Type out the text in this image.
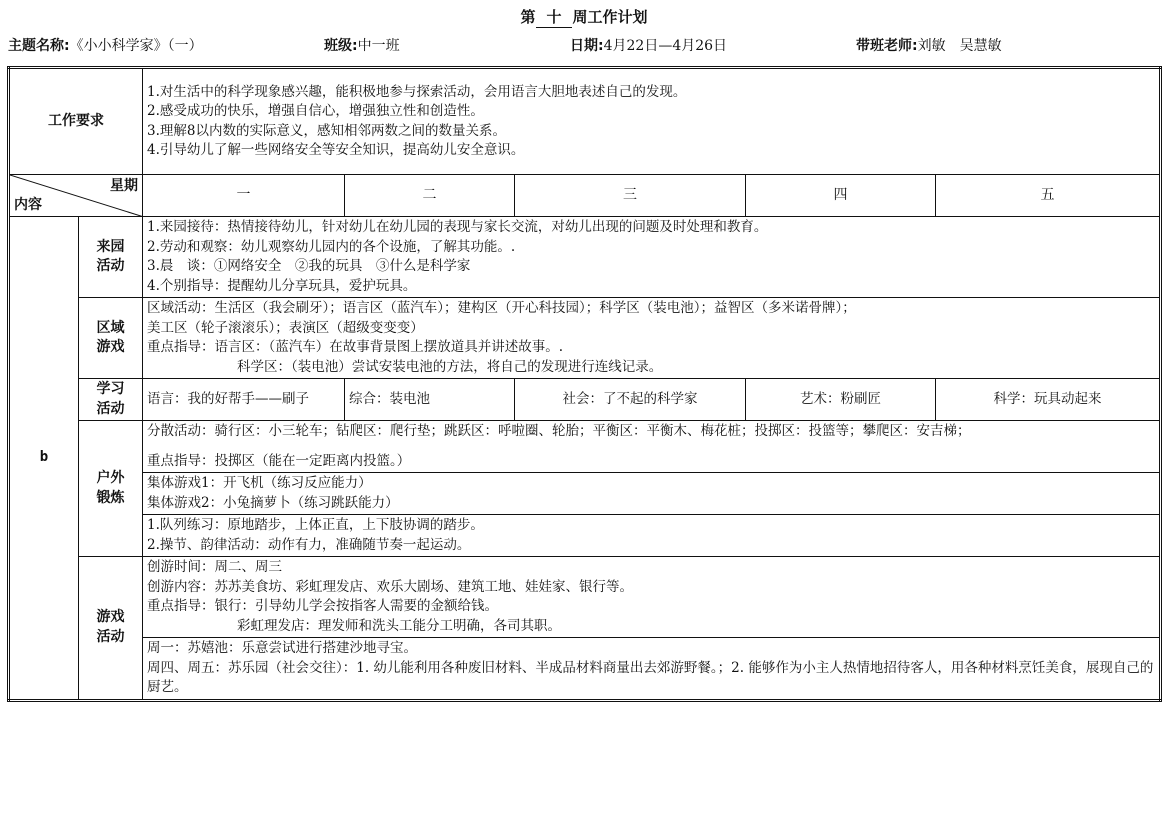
第 十 周工作计划
主题名称:《小小科学家》（一）	班级:中一班	日期:4月22日—4月26日	带班老师:刘敏　吴慧敏
工作要求		1.对生活中的科学现象感兴趣，能积极地参与探索活动，会用语言大胆地表述自己的发现。
2.感受成功的快乐，增强自信心，增强独立性和创造性。
3.理解8以内数的实际意义，感知相邻两数之间的数量关系。
4.引导幼儿了解一些网络安全等安全知识，提高幼儿安全意识。				

星期
内容		一	二	三	四	五
b	来园
活动	1.来园接待：热情接待幼儿，针对幼儿在幼儿园的表现与家长交流，对幼儿出现的问题及时处理和教育。
2.劳动和观察：幼儿观察幼儿园内的各个设施，了解其功能。.
3.晨　谈：①网络安全　②我的玩具　③什么是科学家
4.个别指导：提醒幼儿分享玩具，爱护玩具。				

	区域
游戏	区域活动：生活区（我会刷牙）；语言区（蓝汽车）；建构区（开心科技园）；科学区（装电池）；益智区（多米诺骨牌）；
美工区（轮子滚滚乐）；表演区（超级变变变）
重点指导：语言区：（蓝汽车）在故事背景图上摆放道具并讲述故事。.
科学区：（装电池）尝试安装电池的方法，将自己的发现进行连线记录。				

	学习
活动	语言：我的好帮手——刷子	综合：装电池	社会：了不起的科学家	艺术：粉刷匠	科学：玩具动起来

	户外
锻炼	分散活动：骑行区：小三轮车；钻爬区：爬行垫；跳跃区：呼啦圈、轮胎；平衡区：平衡木、梅花桩；投掷区：投篮等；攀爬区：安吉梯；
重点指导：投掷区（能在一定距离内投篮。）				

		集体游戏1：开飞机（练习反应能力）
集体游戏2：小兔摘萝卜（练习跳跃能力）				

		1.队列练习：原地踏步，上体正直，上下肢协调的踏步。
2.操节、韵律活动：动作有力，准确随节奏一起运动。				

	游戏
活动	创游时间：周二、周三
创游内容：苏苏美食坊、彩虹理发店、欢乐大剧场、建筑工地、娃娃家、银行等。
重点指导：银行：引导幼儿学会按指客人需要的金额给钱。
彩虹理发店：理发师和洗头工能分工明确，各司其职。				

		周一：苏嬉池：乐意尝试进行搭建沙地寻宝。
周四、周五：苏乐园（社会交往）：1. 幼儿能利用各种废旧材料、半成品材料商量出去郊游野餐。；2. 能够作为小主人热情地招待客人，用各种材料烹饪美食，展现自己的厨艺。				
